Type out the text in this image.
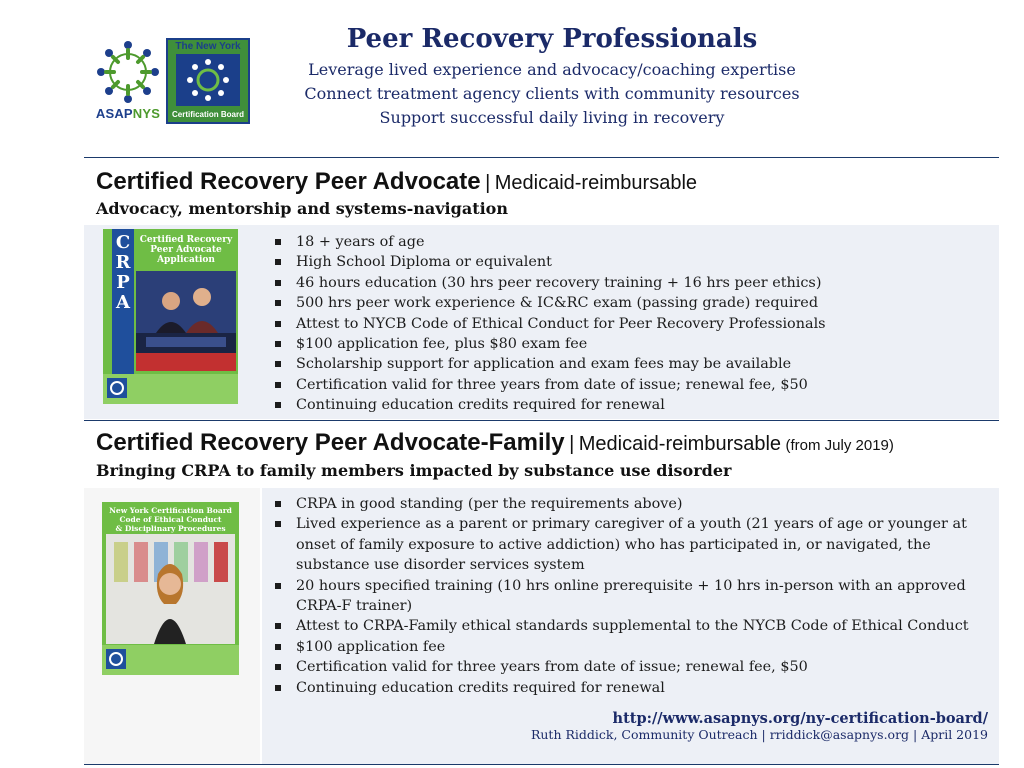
ASAPNYS
The New York
Certification Board
Peer Recovery Professionals
Leverage lived experience and advocacy/coaching expertise
Connect treatment agency clients with community resources
Support successful daily living in recovery
Certified Recovery Peer Advocate | Medicaid-reimbursable
Advocacy, mentorship and systems-navigation
C
R
P
A
Certified Recovery
Peer Advocate
Application
18 + years of age
High School Diploma or equivalent
46 hours education (30 hrs peer recovery training + 16 hrs peer ethics)
500 hrs peer work experience & IC&RC exam (passing grade) required
Attest to NYCB Code of Ethical Conduct for Peer Recovery Professionals
$100 application fee, plus $80 exam fee
Scholarship support for application and exam fees may be available
Certification valid for three years from date of issue; renewal fee, $50
Continuing education credits required for renewal
Certified Recovery Peer Advocate-Family | Medicaid-reimbursable (from July 2019)
Bringing CRPA to family members impacted by substance use disorder
New York Certification Board
Code of Ethical Conduct
& Disciplinary Procedures
CRPA in good standing (per the requirements above)
Lived experience as a parent or primary caregiver of a youth (21 years of age or younger at onset of family exposure to active addiction) who has participated in, or navigated, the substance use disorder services system
20 hours specified training (10 hrs online prerequisite + 10 hrs in-person with an approved CRPA-F trainer)
Attest to CRPA-Family ethical standards supplemental to the NYCB Code of Ethical Conduct
$100 application fee
Certification valid for three years from date of issue; renewal fee, $50
Continuing education credits required for renewal
http://www.asapnys.org/ny-certification-board/
Ruth Riddick, Community Outreach | rriddick@asapnys.org | April 2019
